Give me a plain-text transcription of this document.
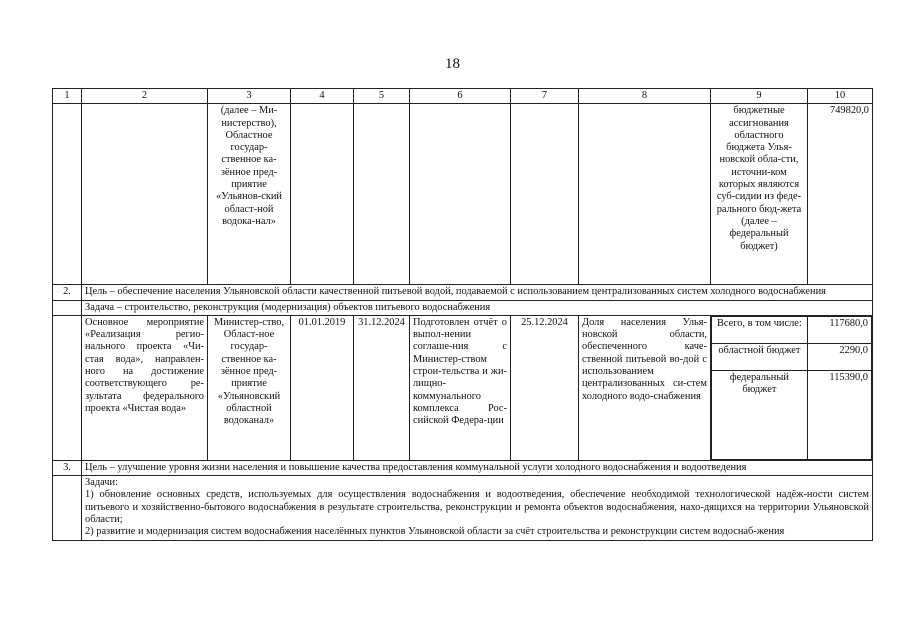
18
1	2	3	4	5	6	7	8	9	10
		(далее – Ми-нистерство), Областное государ-ственное ка-зённое пред-приятие «Ульянов-ский област-ной водока-нал»						бюджетные ассигнования областного бюджета Улья-новской обла-сти, источни-ком которых являются суб-сидии из феде-рального бюд-жета (далее – федеральный бюджет)	749820,0
2.	Цель – обеспечение населения Ульяновской области качественной питьевой водой, подаваемой с использованием централизованных систем холодного водоснабжения
	Задача – строительство, реконструкция (модернизация) объектов питьевого водоснабжения
	Основное мероприятие «Реализация регио-нального проекта «Чи-стая вода», направлен-ного на достижение соответствующего ре-зультата федерального проекта «Чистая вода»	Министер-ство, Област-ное государ-ственное ка-зённое пред-приятие «Ульяновский областной водоканал»	01.01.2019	31.12.2024	Подготовлен отчёт о выпол-нении соглаше-ния с Министер-ством строи-тельства и жи-лищно-коммунального комплекса Рос-сийской Федера-ции	25.12.2024	Доля населения Улья-новской области, обеспеченного каче-ственной питьевой во-дой с использованием централизованных си-стем холодного водо-снабжения	
Всего, в том числе:	117680,0
областной бюджет	2290,0
федеральный бюджет	115390,0

3.	Цель – улучшение уровня жизни населения и повышение качества предоставления коммунальной услуги холодного водоснабжения и водоотведения

Задачи:
1) обновление основных средств, используемых для осуществления водоснабжения и водоотведения, обеспечение необходимой технологической надёж-ности систем питьевого и хозяйственно-бытового водоснабжения в результате строительства, реконструкции и ремонта объектов водоснабжения, нахо-дящихся на территории Ульяновской области;
2) развитие и модернизация систем водоснабжения населённых пунктов Ульяновской области за счёт строительства и реконструкции систем водоснаб-жения
